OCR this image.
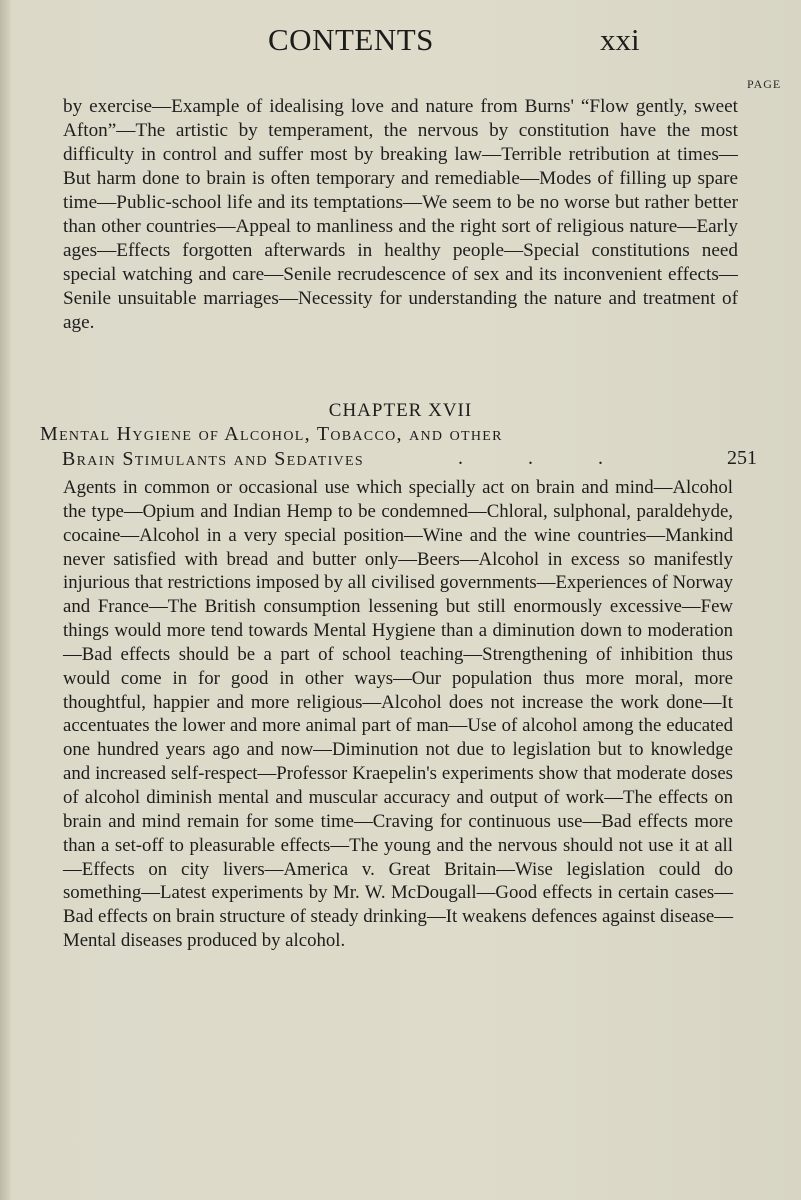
CONTENTS	xxi
PAGE

by exercise—Example of idealising love and nature from Burns' “Flow gently, sweet Afton”—The artistic by temperament, the nervous by constitution have the most difficulty in control and suffer most by breaking law—Terrible retribution at times—But harm done to brain is often temporary and remediable—Modes of filling up spare time—Public-school life and its temptations—We seem to be no worse but rather better than other countries—Appeal to manliness and the right sort of religious nature—Early ages—Effects forgotten afterwards in healthy people—Special constitutions need special watching and care—Senile recrudescence of sex and its inconvenient effects—Senile unsuitable marriages—Necessity for understanding the nature and treatment of age.

CHAPTER XVII
Mental Hygiene of Alcohol, Tobacco, and other
Brain Stimulants and Sedatives	. . .	251

Agents in common or occasional use which specially act on brain and mind—Alcohol the type—Opium and Indian Hemp to be condemned—Chloral, sulphonal, paraldehyde, cocaine—Alcohol in a very special position—Wine and the wine countries—Mankind never satisfied with bread and butter only—Beers—Alcohol in excess so manifestly injurious that restrictions imposed by all civilised governments—Experiences of Norway and France—The British consumption lessening but still enormously excessive—Few things would more tend towards Mental Hygiene than a diminution down to moderation—Bad effects should be a part of school teaching—Strengthening of inhibition thus would come in for good in other ways—Our population thus more moral, more thoughtful, happier and more religious—Alcohol does not increase the work done—It accentuates the lower and more animal part of man—Use of alcohol among the educated one hundred years ago and now—Diminution not due to legislation but to knowledge and increased self-respect—Professor Kraepelin's experiments show that moderate doses of alcohol diminish mental and muscular accuracy and output of work—The effects on brain and mind remain for some time—Craving for continuous use—Bad effects more than a set-off to pleasurable effects—The young and the nervous should not use it at all—Effects on city livers—America v. Great Britain—Wise legislation could do something—Latest experiments by Mr. W. McDougall—Good effects in certain cases—Bad effects on brain structure of steady drinking—It weakens defences against disease—Mental diseases produced by alcohol.
